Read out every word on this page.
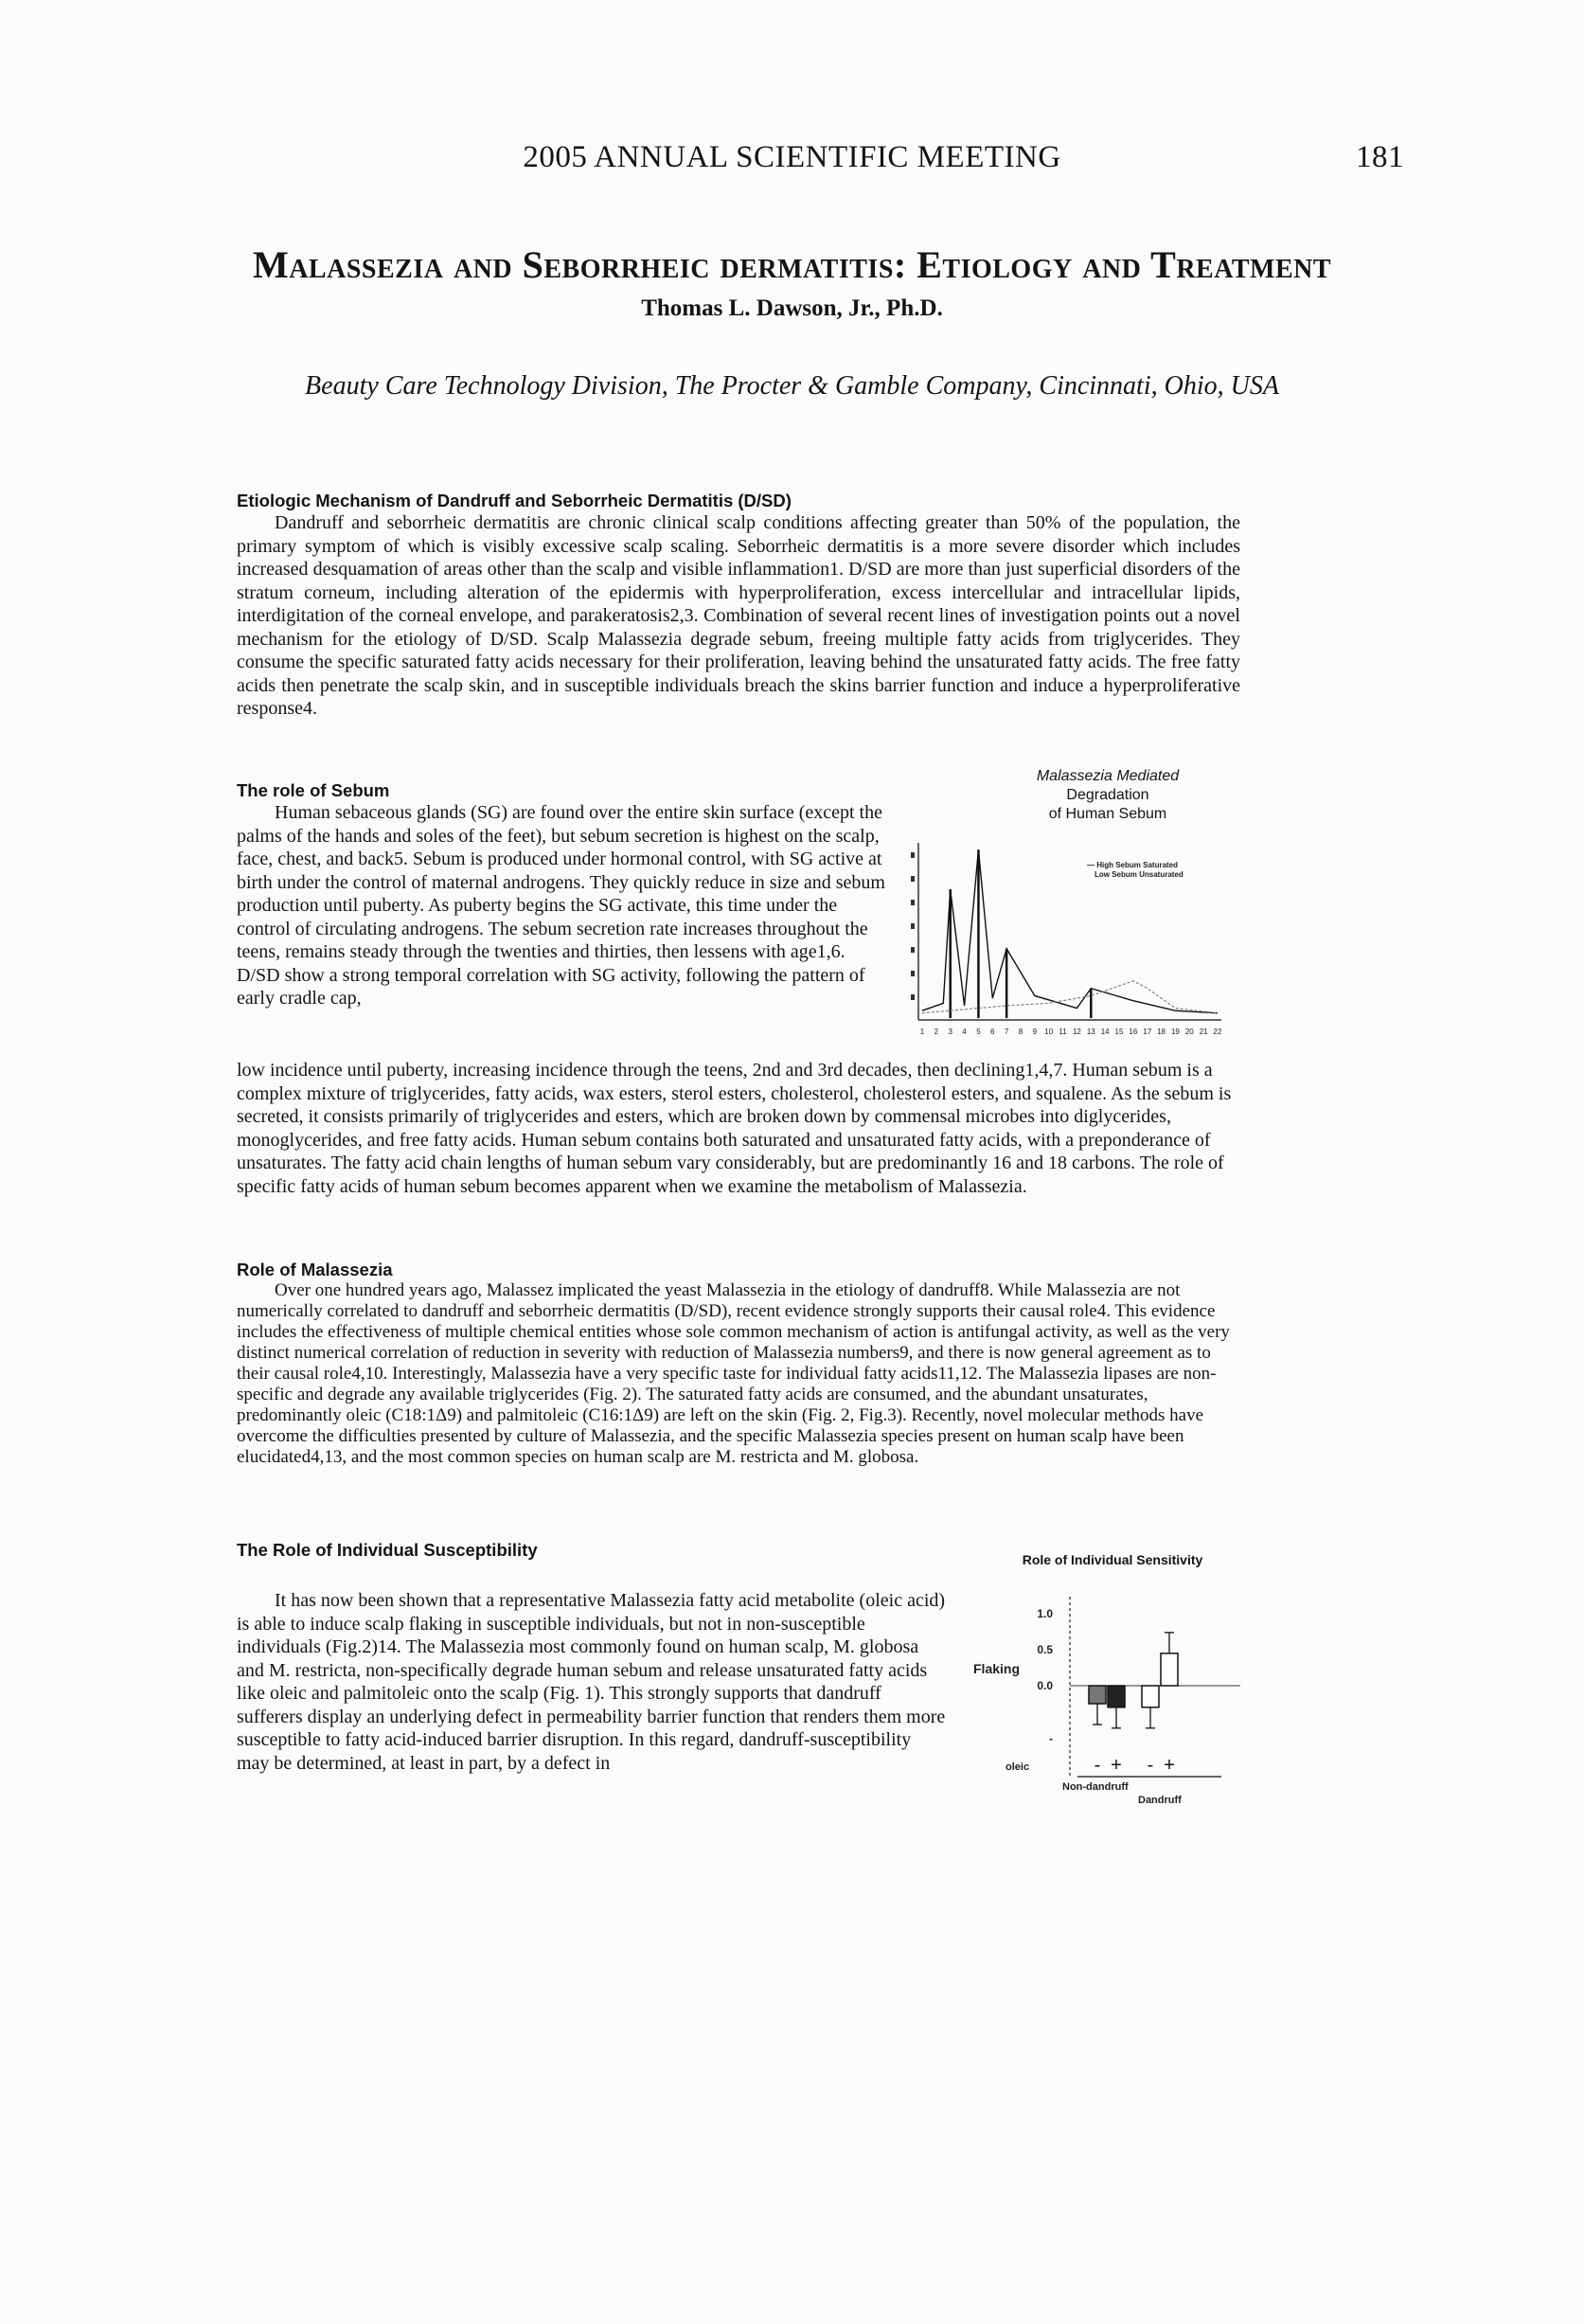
2005 ANNUAL SCIENTIFIC MEETING	181
Malassezia and Seborrheic dermatitis: Etiology and Treatment
Thomas L. Dawson, Jr., Ph.D.
Beauty Care Technology Division, The Procter & Gamble Company, Cincinnati, Ohio, USA
Etiologic Mechanism of Dandruff and Seborrheic Dermatitis (D/SD)

Dandruff and seborrheic dermatitis are chronic clinical scalp conditions affecting greater than 50% of the population, the primary symptom of which is visibly excessive scalp scaling. Seborrheic dermatitis is a more severe disorder which includes increased desquamation of areas other than the scalp and visible inflammation1. D/SD are more than just superficial disorders of the stratum corneum, including alteration of the epidermis with hyperproliferation, excess intercellular and intracellular lipids, interdigitation of the corneal envelope, and parakeratosis2,3. Combination of several recent lines of investigation points out a novel mechanism for the etiology of D/SD. Scalp Malassezia degrade sebum, freeing multiple fatty acids from triglycerides. They consume the specific saturated fatty acids necessary for their proliferation, leaving behind the unsaturated fatty acids. The free fatty acids then penetrate the scalp skin, and in susceptible individuals breach the skins barrier function and induce a hyperproliferative response4.

The role of Sebum

Human sebaceous glands (SG) are found over the entire skin surface (except the palms of the hands and soles of the feet), but sebum secretion is highest on the scalp, face, chest, and back5. Sebum is produced under hormonal control, with SG active at birth under the control of maternal androgens. They quickly reduce in size and sebum production until puberty. As puberty begins the SG activate, this time under the control of circulating androgens. The sebum secretion rate increases throughout the teens, remains steady through the twenties and thirties, then lessens with age1,6. D/SD show a strong temporal correlation with SG activity, following the pattern of early cradle cap,

low incidence until puberty, increasing incidence through the teens, 2nd and 3rd decades, then declining1,4,7. Human sebum is a complex mixture of triglycerides, fatty acids, wax esters, sterol esters, cholesterol, cholesterol esters, and squalene. As the sebum is secreted, it consists primarily of triglycerides and esters, which are broken down by commensal microbes into diglycerides, monoglycerides, and free fatty acids. Human sebum contains both saturated and unsaturated fatty acids, with a preponderance of unsaturates. The fatty acid chain lengths of human sebum vary considerably, but are predominantly 16 and 18 carbons. The role of specific fatty acids of human sebum becomes apparent when we examine the metabolism of Malassezia.

Malassezia Mediated
Degradation
of Human Sebum
— High Sebum Saturated
Low Sebum Unsaturated
1 2 3 4 5 6 7 8 9 10 11 12 13 14 15 16 17 18 19 20 21 22
Role of Malassezia

Over one hundred years ago, Malassez implicated the yeast Malassezia in the etiology of dandruff8. While Malassezia are not numerically correlated to dandruff and seborrheic dermatitis (D/SD), recent evidence strongly supports their causal role4. This evidence includes the effectiveness of multiple chemical entities whose sole common mechanism of action is antifungal activity, as well as the very distinct numerical correlation of reduction in severity with reduction of Malassezia numbers9, and there is now general agreement as to their causal role4,10. Interestingly, Malassezia have a very specific taste for individual fatty acids11,12. The Malassezia lipases are non-specific and degrade any available triglycerides (Fig. 2). The saturated fatty acids are consumed, and the abundant unsaturates, predominantly oleic (C18:1Δ9) and palmitoleic (C16:1Δ9) are left on the skin (Fig. 2, Fig.3). Recently, novel molecular methods have overcome the difficulties presented by culture of Malassezia, and the specific Malassezia species present on human scalp have been elucidated4,13, and the most common species on human scalp are M. restricta and M. globosa.

The Role of Individual Susceptibility

It has now been shown that a representative Malassezia fatty acid metabolite (oleic acid) is able to induce scalp flaking in susceptible individuals, but not in non-susceptible individuals (Fig.2)14. The Malassezia most commonly found on human scalp, M. globosa and M. restricta, non-specifically degrade human sebum and release unsaturated fatty acids like oleic and palmitoleic onto the scalp (Fig. 1). This strongly supports that dandruff sufferers display an underlying defect in permeability barrier function that renders them more susceptible to fatty acid-induced barrier disruption. In this regard, dandruff-susceptibility may be determined, at least in part, by a defect in

Role of Individual Sensitivity
Flaking
1.0
0.5
0.0
-
oleic	- + - +
Non-dandruff
Dandruff
